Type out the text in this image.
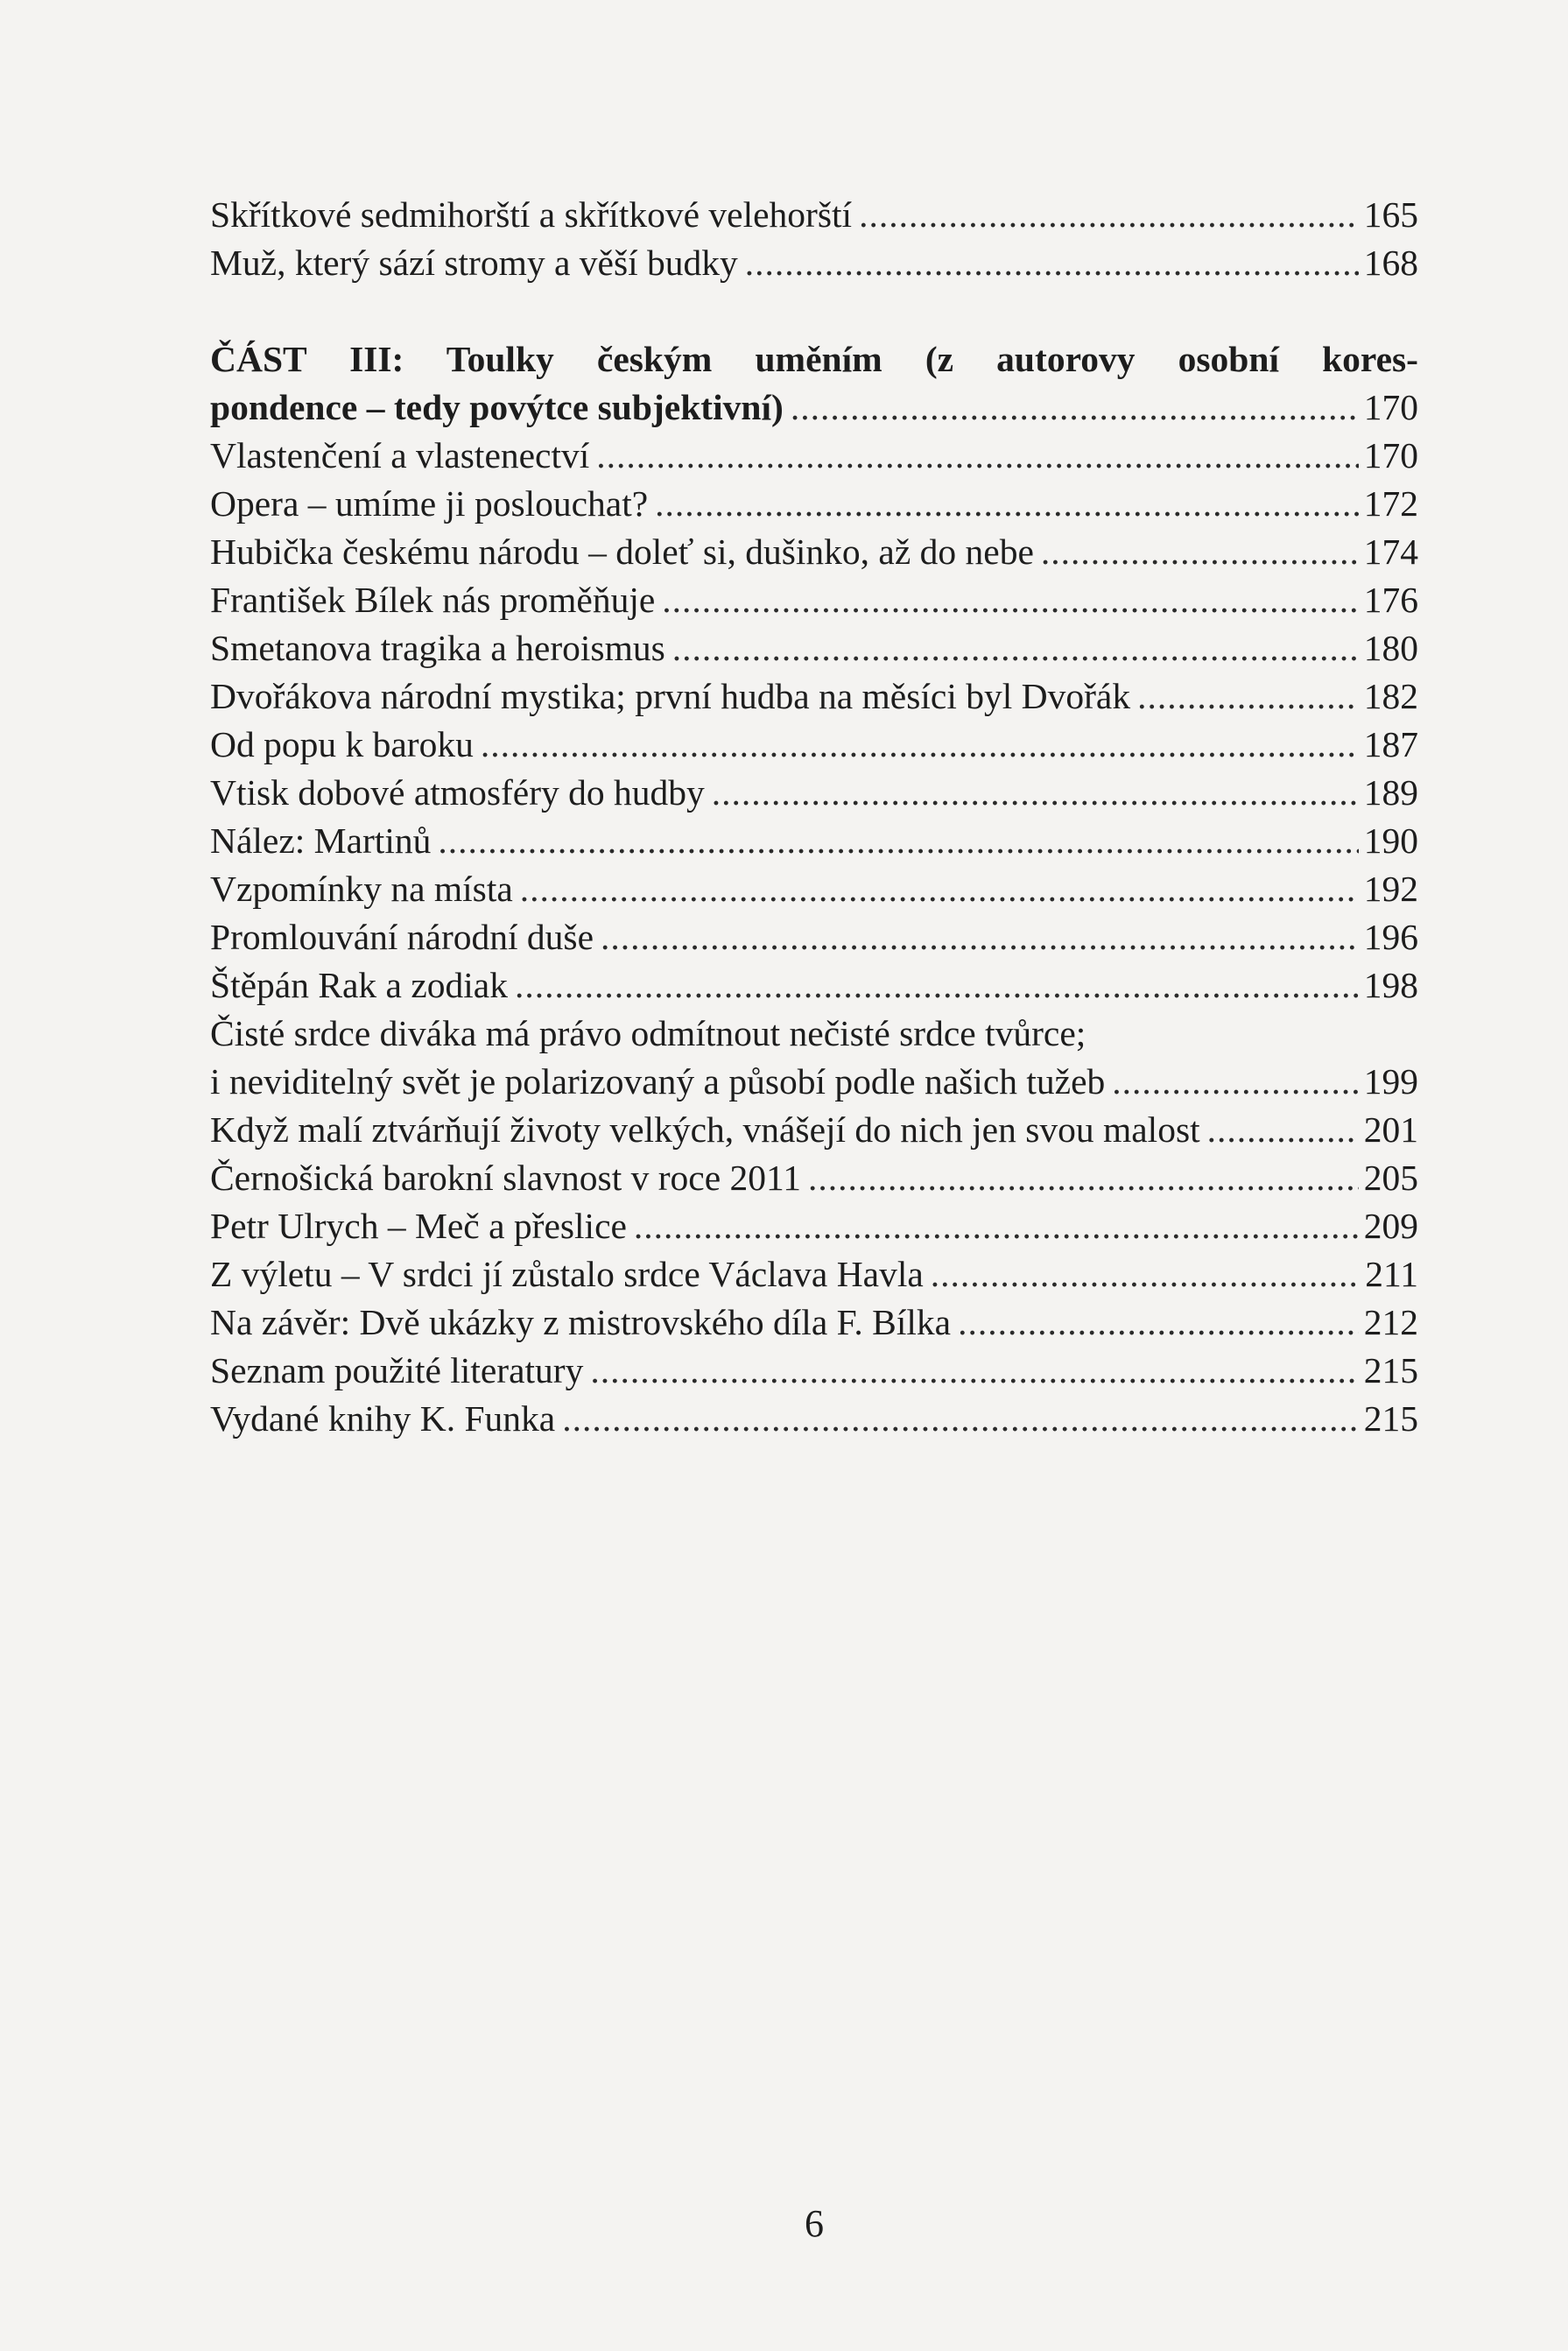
Skřítkové sedmihorští a skřítkové velehorští .....	165
Muž, který sází stromy a věší budky .....	168
ČÁST III: Toulky českým uměním (z autorovy osobní kores-
pondence – tedy povýtce subjektivní) .....	170
Vlastenčení a vlastenectví .....	170
Opera – umíme ji poslouchat? .....	172
Hubička českému národu – doleť si, dušinko, až do nebe .....	174
František Bílek nás proměňuje .....	176
Smetanova tragika a heroismus .....	180
Dvořákova národní mystika; první hudba na měsíci byl Dvořák .....	182
Od popu k baroku .....	187
Vtisk dobové atmosféry do hudby .....	189
Nález: Martinů .....	190
Vzpomínky na místa .....	192
Promlouvání národní duše .....	196
Štěpán Rak a zodiak .....	198
Čisté srdce diváka má právo odmítnout nečisté srdce tvůrce;
i neviditelný svět je polarizovaný a působí podle našich tužeb .....	199
Když malí ztvárňují životy velkých, vnášejí do nich jen svou malost .....	201
Černošická barokní slavnost v roce 2011 .....	205
Petr Ulrych – Meč a přeslice .....	209
Z výletu – V srdci jí zůstalo srdce Václava Havla .....	211
Na závěr: Dvě ukázky z mistrovského díla F. Bílka .....	212
Seznam použité literatury .....	215
Vydané knihy K. Funka .....	215
6
